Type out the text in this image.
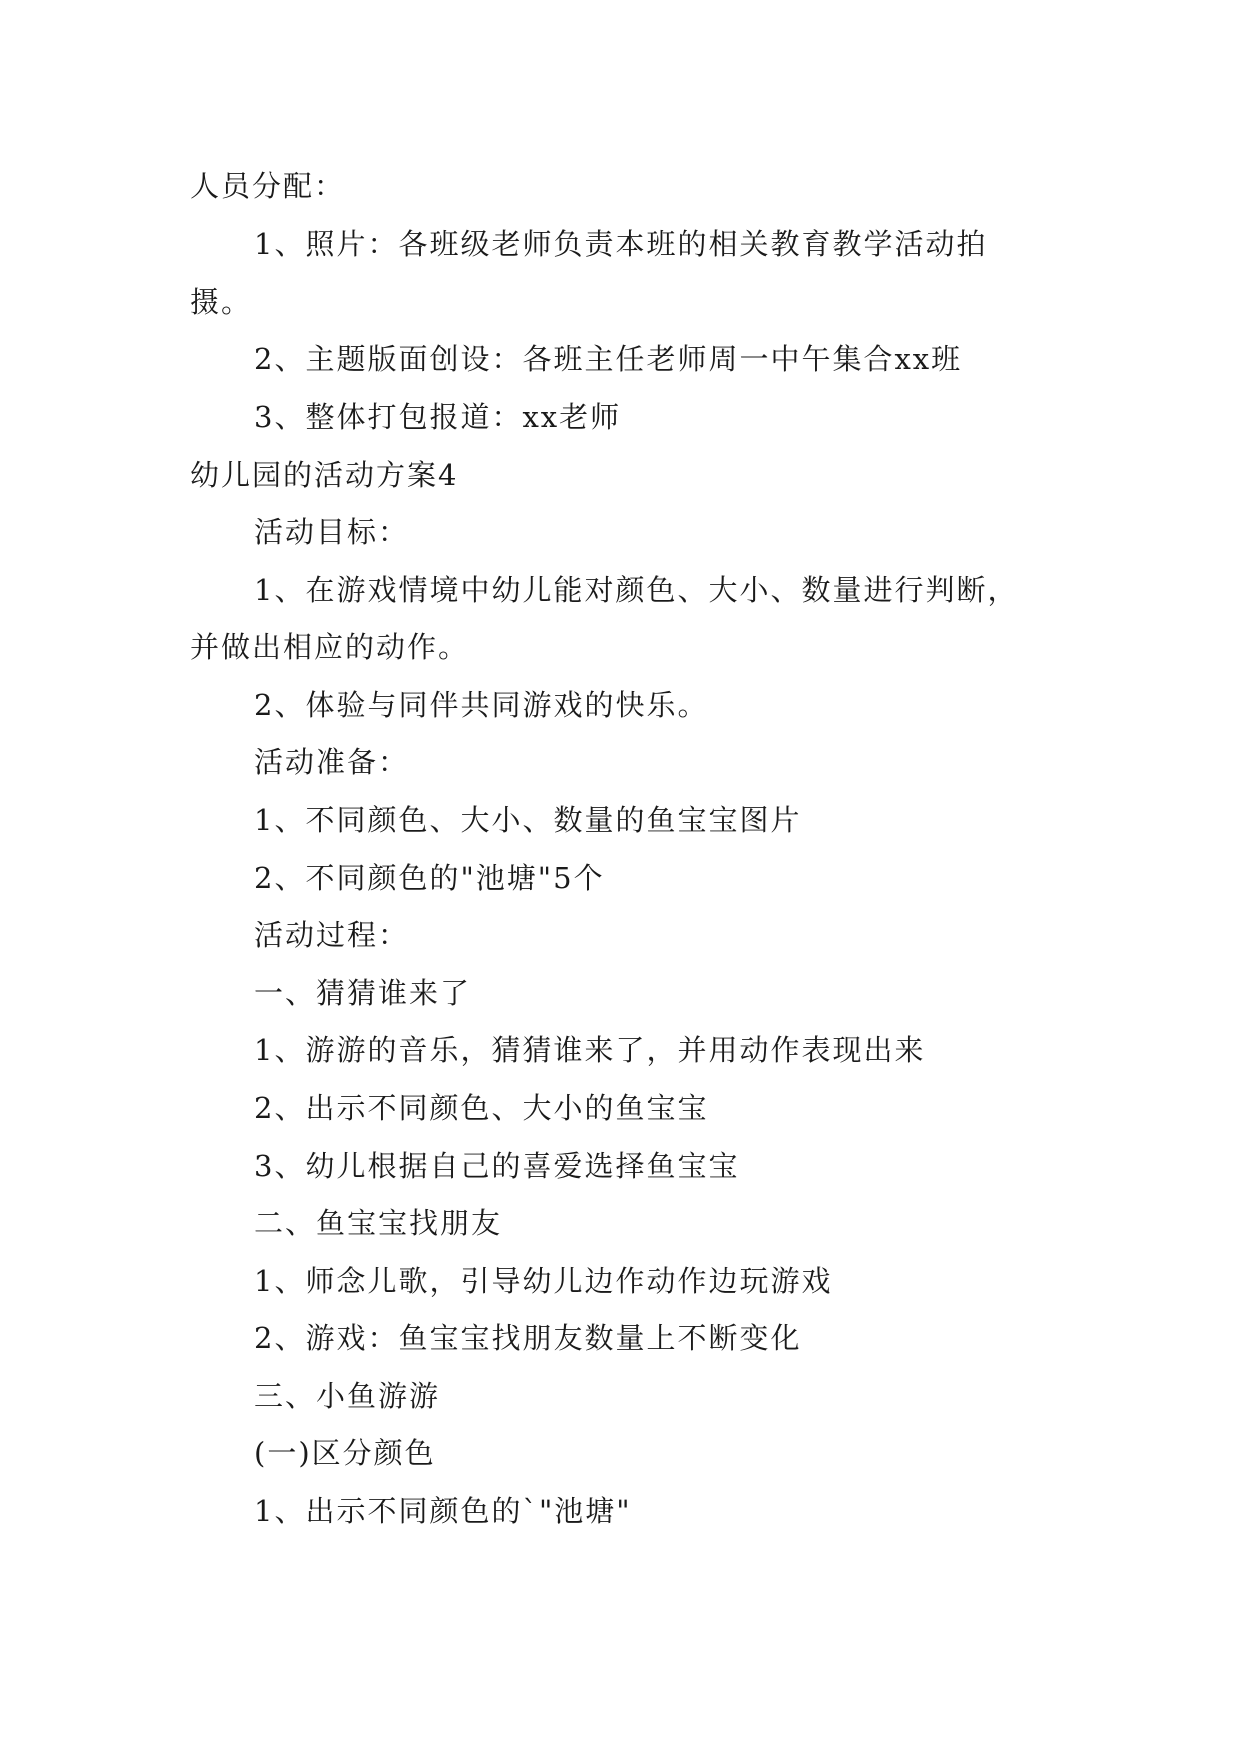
人员分配：
1、照片：各班级老师负责本班的相关教育教学活动拍
摄。
2、主题版面创设：各班主任老师周一中午集合xx班
3、整体打包报道：xx老师
幼儿园的活动方案4
活动目标：
1、在游戏情境中幼儿能对颜色、大小、数量进行判断，
并做出相应的动作。
2、体验与同伴共同游戏的快乐。
活动准备：
1、不同颜色、大小、数量的鱼宝宝图片
2、不同颜色的"池塘"5个
活动过程：
一、猜猜谁来了
1、游游的音乐，猜猜谁来了，并用动作表现出来
2、出示不同颜色、大小的鱼宝宝
3、幼儿根据自己的喜爱选择鱼宝宝
二、鱼宝宝找朋友
1、师念儿歌，引导幼儿边作动作边玩游戏
2、游戏：鱼宝宝找朋友数量上不断变化
三、小鱼游游
(一)区分颜色
1、出示不同颜色的`"池塘"
